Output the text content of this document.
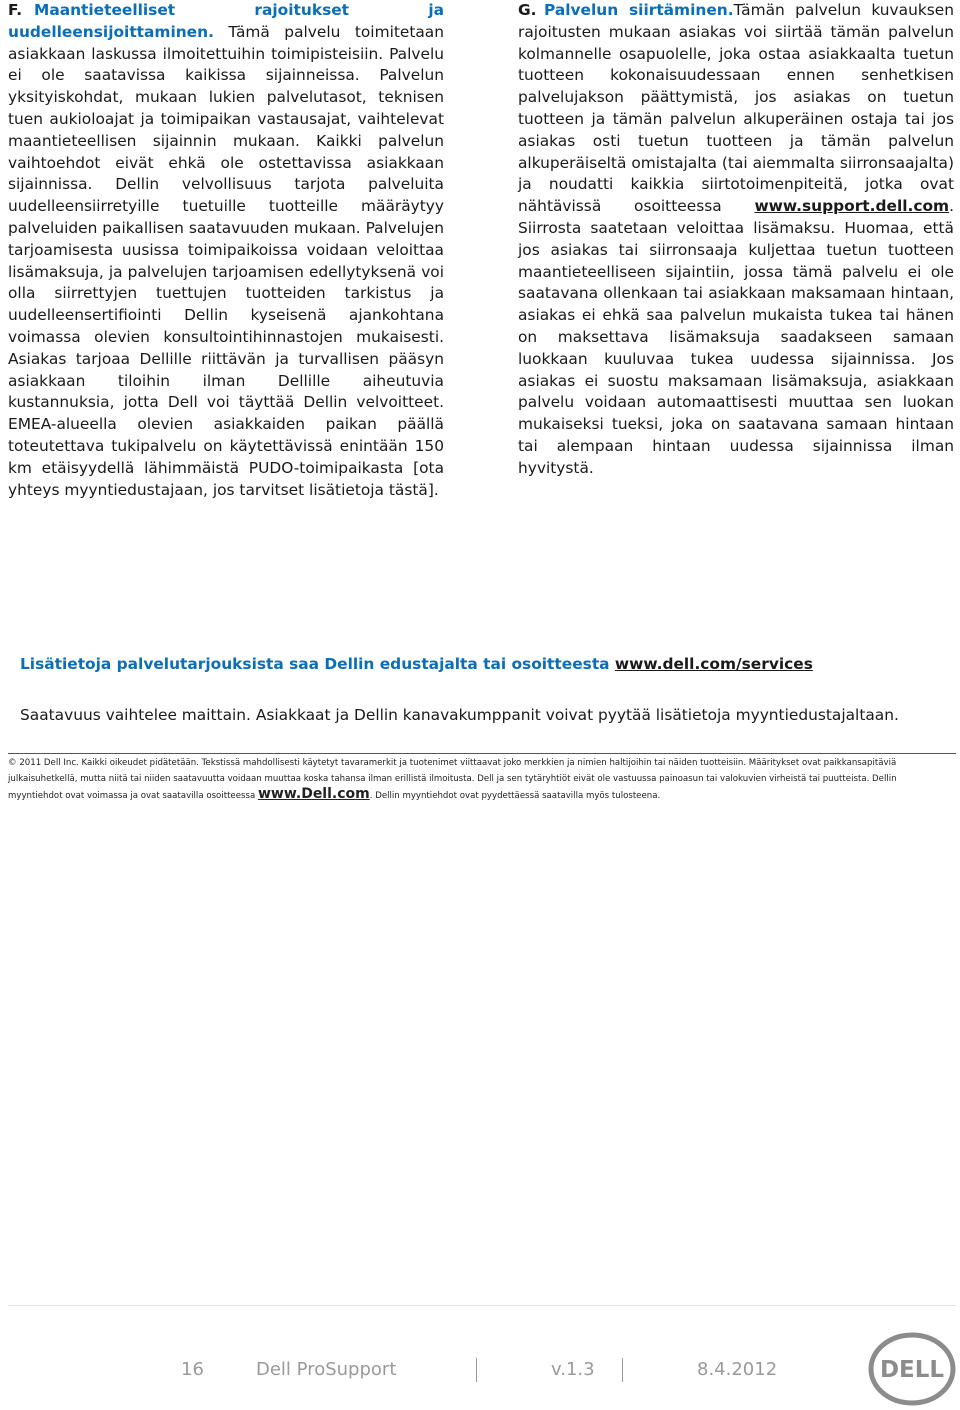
F. Maantieteelliset rajoitukset ja uudelleensijoittaminen. Tämä palvelu toimitetaan asiakkaan laskussa ilmoitettuihin toimipisteisiin. Palvelu ei ole saatavissa kaikissa sijainneissa. Palvelun yksityiskohdat, mukaan lukien palvelutasot, teknisen tuen aukioloajat ja toimipaikan vastausajat, vaihtelevat maantieteellisen sijainnin mukaan. Kaikki palvelun vaihtoehdot eivät ehkä ole ostettavissa asiakkaan sijainnissa. Dellin velvollisuus tarjota palveluita uudelleensiirretyille tuetuille tuotteille määräytyy palveluiden paikallisen saatavuuden mukaan. Palvelujen tarjoamisesta uusissa toimipaikoissa voidaan veloittaa lisämaksuja, ja palvelujen tarjoamisen edellytyksenä voi olla siirrettyjen tuettujen tuotteiden tarkistus ja uudelleensertifiointi Dellin kyseisenä ajankohtana voimassa olevien konsultointihinnastojen mukaisesti. Asiakas tarjoaa Dellille riittävän ja turvallisen pääsyn asiakkaan tiloihin ilman Dellille aiheutuvia kustannuksia, jotta Dell voi täyttää Dellin velvoitteet. EMEA-alueella olevien asiakkaiden paikan päällä toteutettava tukipalvelu on käytettävissä enintään 150 km etäisyydellä lähimmäistä PUDO-toimipaikasta [ota yhteys myyntiedustajaan, jos tarvitset lisätietoja tästä].

G. Palvelun siirtäminen.Tämän palvelun kuvauksen rajoitusten mukaan asiakas voi siirtää tämän palvelun kolmannelle osapuolelle, joka ostaa asiakkaalta tuetun tuotteen kokonaisuudessaan ennen senhetkisen palvelujakson päättymistä, jos asiakas on tuetun tuotteen ja tämän palvelun alkuperäinen ostaja tai jos asiakas osti tuetun tuotteen ja tämän palvelun alkuperäiseltä omistajalta (tai aiemmalta siirronsaajalta) ja noudatti kaikkia siirtotoimenpiteitä, jotka ovat nähtävissä osoitteessa www.support.dell.com. Siirrosta saatetaan veloittaa lisämaksu. Huomaa, että jos asiakas tai siirronsaaja kuljettaa tuetun tuotteen maantieteelliseen sijaintiin, jossa tämä palvelu ei ole saatavana ollenkaan tai asiakkaan maksamaan hintaan, asiakas ei ehkä saa palvelun mukaista tukea tai hänen on maksettava lisämaksuja saadakseen samaan luokkaan kuuluvaa tukea uudessa sijainnissa. Jos asiakas ei suostu maksamaan lisämaksuja, asiakkaan palvelu voidaan automaattisesti muuttaa sen luokan mukaiseksi tueksi, joka on saatavana samaan hintaan tai alempaan hintaan uudessa sijainnissa ilman hyvitystä.

Lisätietoja palvelutarjouksista saa Dellin edustajalta tai osoitteesta www.dell.com/services
Saatavuus vaihtelee maittain. Asiakkaat ja Dellin kanavakumppanit voivat pyytää lisätietoja myyntiedustajaltaan.
© 2011 Dell Inc. Kaikki oikeudet pidätetään. Tekstissä mahdollisesti käytetyt tavaramerkit ja tuotenimet viittaavat joko merkkien ja nimien haltijoihin tai näiden tuotteisiin. Määritykset ovat paikkansapitäviä julkaisuhetkellä, mutta niitä tai niiden saatavuutta voidaan muuttaa koska tahansa ilman erillistä ilmoitusta. Dell ja sen tytäryhtiöt eivät ole vastuussa painoasun tai valokuvien virheistä tai puutteista. Dellin myyntiehdot ovat voimassa ja ovat saatavilla osoitteessa www.Dell.com. Dellin myyntiehdot ovat pyydettäessä saatavilla myös tulosteena.
16	Dell ProSupport	v.1.3	8.4.2012	DELL
